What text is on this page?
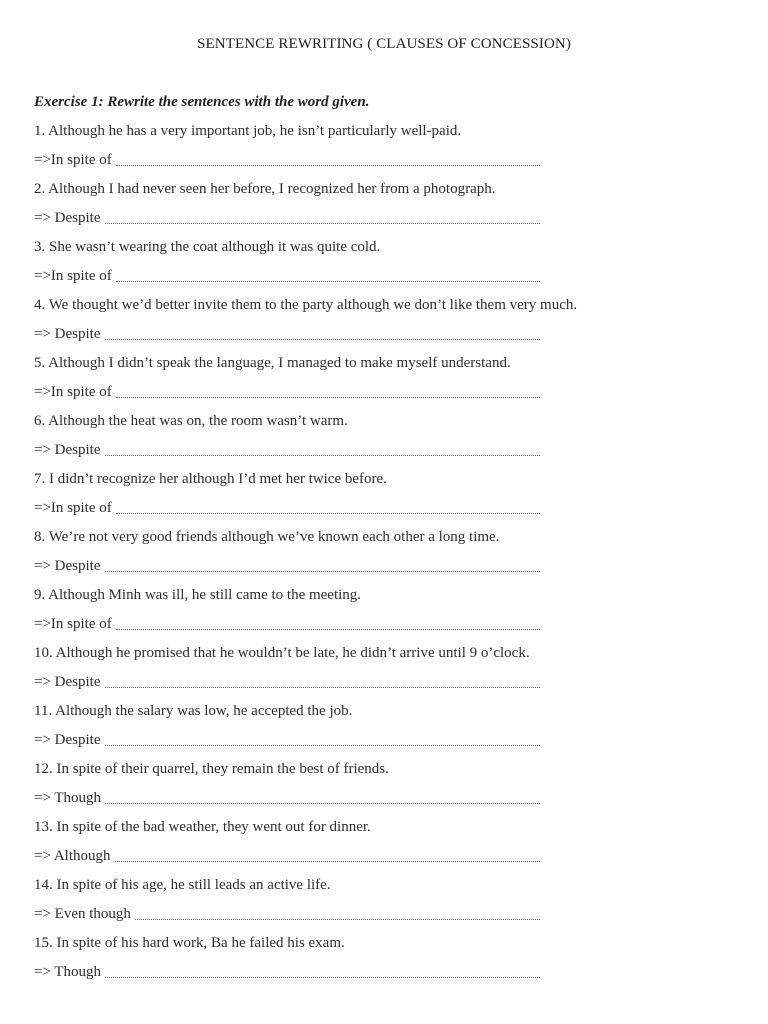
SENTENCE REWRITING ( CLAUSES OF CONCESSION)
Exercise 1: Rewrite the sentences with the word given.
1. Although he has a very important job, he isn’t particularly well-paid.
=>In spite of
2. Although I had never seen her before, I recognized her from a photograph.
=> Despite
3. She wasn’t wearing the coat although it was quite cold.
=>In spite of
4. We thought we’d better invite them to the party although we don’t like them very much.
=> Despite
5. Although I didn’t speak the language, I managed to make myself understand.
=>In spite of
6. Although the heat was on, the room wasn’t warm.
=> Despite
7. I didn’t recognize her although I’d met her twice before.
=>In spite of
8. We’re not very good friends although we’ve known each other a long time.
=> Despite
9. Although Minh was ill, he still came to the meeting.
=>In spite of
10. Although he promised that he wouldn’t be late, he didn’t arrive until 9 o’clock.
=> Despite
11. Although the salary was low, he accepted the job.
=> Despite
12. In spite of their quarrel, they remain the best of friends.
=> Though
13. In spite of the bad weather, they went out for dinner.
=> Although
14. In spite of his age, he still leads an active life.
=> Even though
15. In spite of his hard work, Ba he failed his exam.
=> Though
